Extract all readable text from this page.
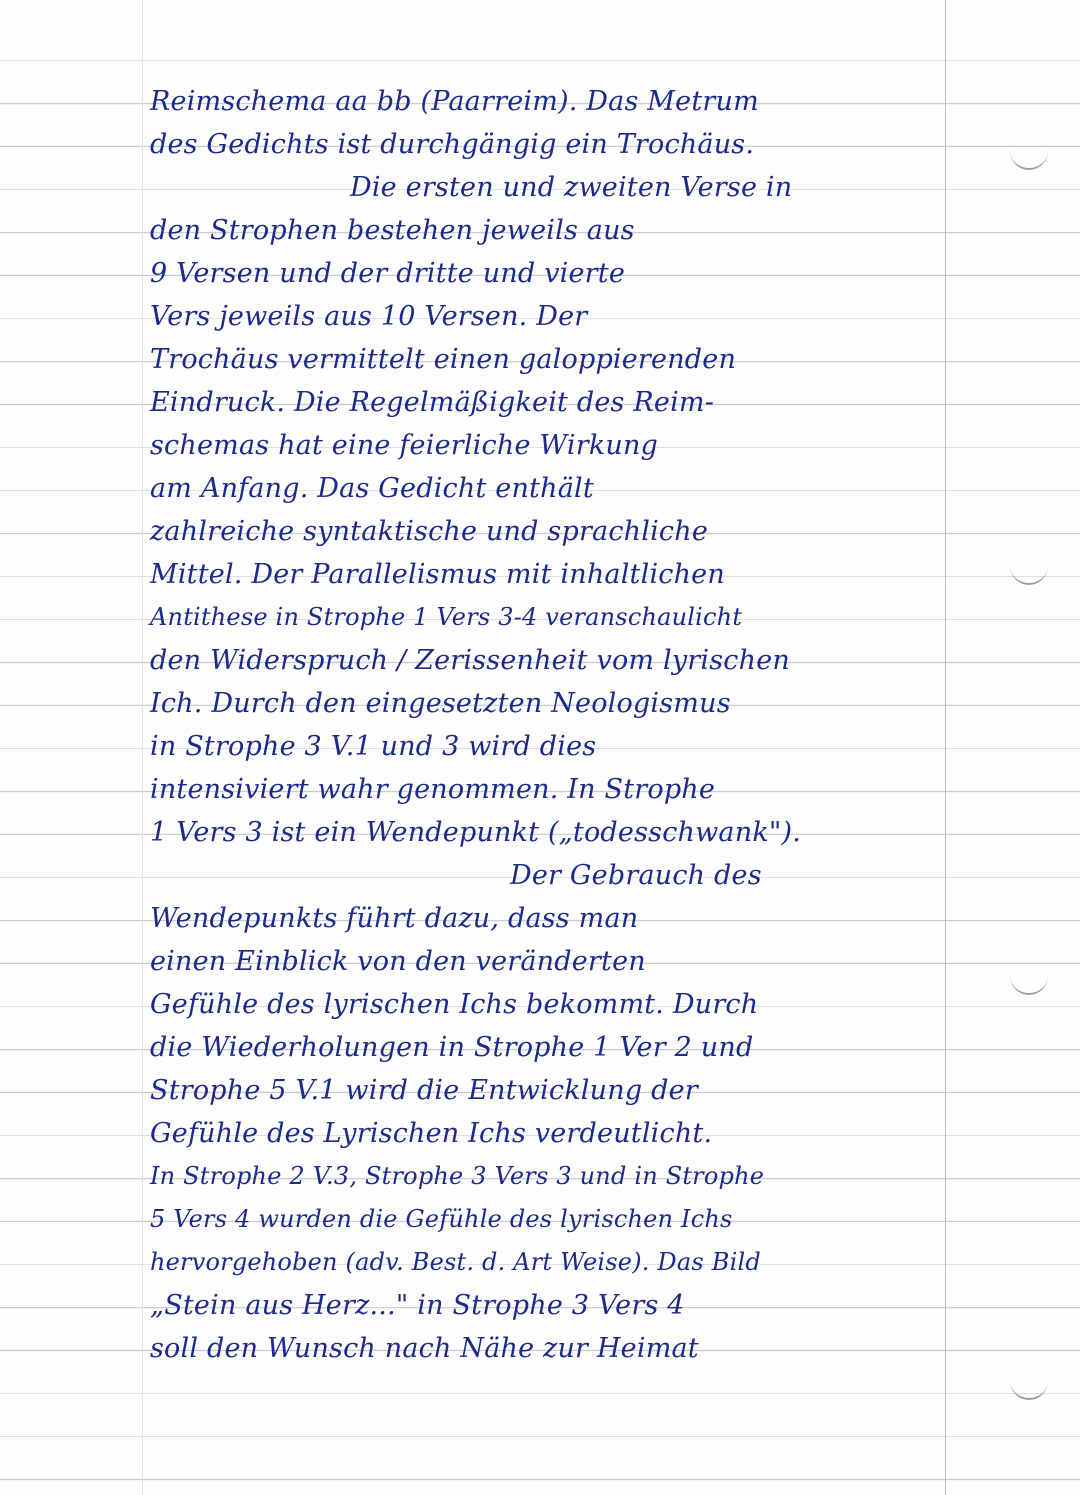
Reimschema aa bb (Paarreim). Das Metrum
des Gedichts ist durchgängig ein Trochäus.
Die ersten und zweiten Verse in
den Strophen bestehen jeweils aus
9 Versen und der dritte und vierte
Vers jeweils aus 10 Versen. Der
Trochäus vermittelt einen galoppierenden
Eindruck. Die Regelmäßigkeit des Reim-
schemas hat eine feierliche Wirkung
am Anfang. Das Gedicht enthält
zahlreiche syntaktische und sprachliche
Mittel. Der Parallelismus mit inhaltlichen
Antithese in Strophe 1 Vers 3-4 veranschaulicht
den Widerspruch / Zerissenheit vom lyrischen
Ich. Durch den eingesetzten Neologismus
in Strophe 3 V.1 und 3 wird dies
intensiviert wahr genommen. In Strophe
1 Vers 3 ist ein Wendepunkt („todesschwank").
Der Gebrauch des
Wendepunkts führt dazu, dass man
einen Einblick von den veränderten
Gefühle des lyrischen Ichs bekommt. Durch
die Wiederholungen in Strophe 1 Ver 2 und
Strophe 5 V.1 wird die Entwicklung der
Gefühle des Lyrischen Ichs verdeutlicht.
In Strophe 2 V.3, Strophe 3 Vers 3 und in Strophe
5 Vers 4 wurden die Gefühle des lyrischen Ichs
hervorgehoben (adv. Best. d. Art Weise). Das Bild
„Stein aus Herz..." in Strophe 3 Vers 4
soll den Wunsch nach Nähe zur Heimat
